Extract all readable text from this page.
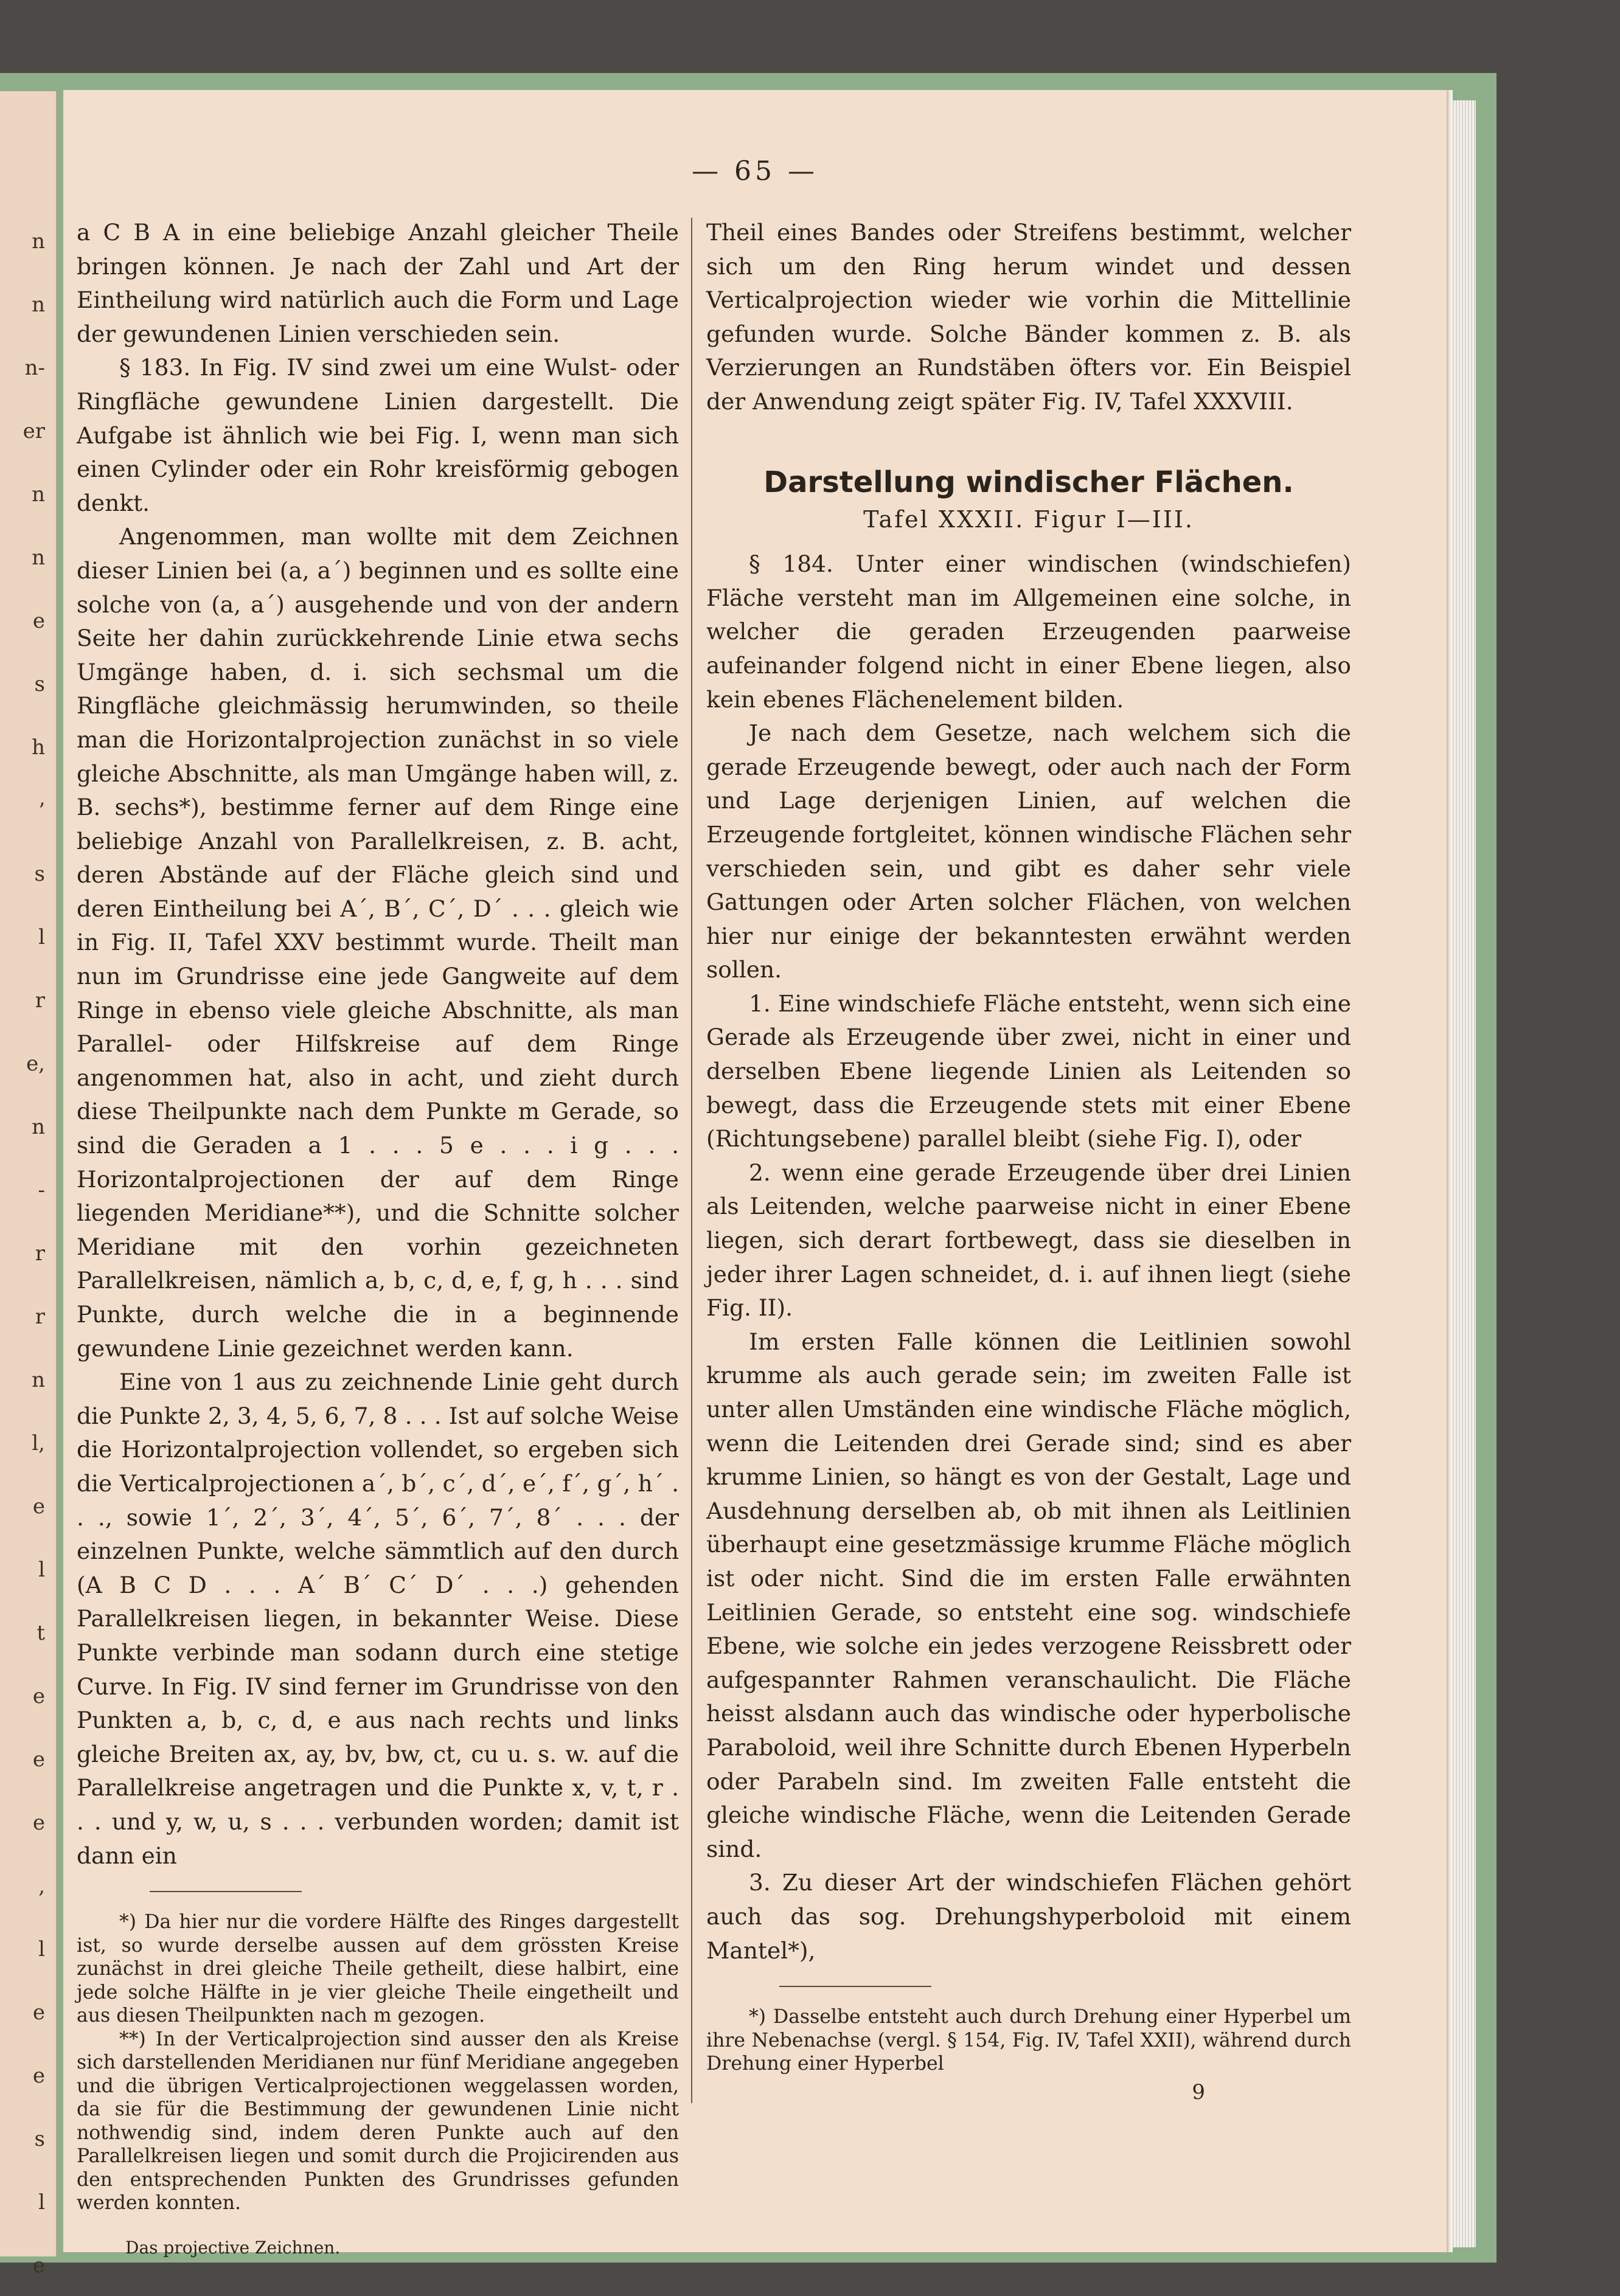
n
n
n-
er
n
n
e
s
h
’
s
l
r
e,
n
-
r
r
n
l,
e
l
t
e
e
e
,
l
e
e
s
l
e
— 65 —

a C B A in eine beliebige Anzahl gleicher Theile bringen können. Je nach der Zahl und Art der Eintheilung wird natürlich auch die Form und Lage der gewundenen Linien verschieden sein.

§ 183. In Fig. IV sind zwei um eine Wulst- oder Ringfläche gewundene Linien dargestellt. Die Aufgabe ist ähnlich wie bei Fig. I, wenn man sich einen Cylinder oder ein Rohr kreisförmig gebogen denkt.

Angenommen, man wollte mit dem Zeichnen dieser Linien bei (a, a´) beginnen und es sollte eine solche von (a, a´) ausgehende und von der andern Seite her dahin zurückkehrende Linie etwa sechs Umgänge haben, d. i. sich sechsmal um die Ringfläche gleichmässig herumwinden, so theile man die Horizontalprojection zunächst in so viele gleiche Abschnitte, als man Umgänge haben will, z. B. sechs*), bestimme ferner auf dem Ringe eine beliebige Anzahl von Parallelkreisen, z. B. acht, deren Abstände auf der Fläche gleich sind und deren Eintheilung bei A´, B´, C´, D´ . . . gleich wie in Fig. II, Tafel XXV bestimmt wurde. Theilt man nun im Grundrisse eine jede Gangweite auf dem Ringe in ebenso viele gleiche Abschnitte, als man Parallel- oder Hilfskreise auf dem Ringe angenommen hat, also in acht, und zieht durch diese Theilpunkte nach dem Punkte m Gerade, so sind die Geraden a 1 . . . 5 e . . . i g . . . Horizontalprojectionen der auf dem Ringe liegenden Meridiane**), und die Schnitte solcher Meridiane mit den vorhin gezeichneten Parallelkreisen, nämlich a, b, c, d, e, f, g, h . . . sind Punkte, durch welche die in a beginnende gewundene Linie gezeichnet werden kann.

Eine von 1 aus zu zeichnende Linie geht durch die Punkte 2, 3, 4, 5, 6, 7, 8 . . . Ist auf solche Weise die Horizontalprojection vollendet, so ergeben sich die Verticalprojectionen a´, b´, c´, d´, e´, f´, g´, h´ . . ., sowie 1´, 2´, 3´, 4´, 5´, 6´, 7´, 8´ . . . der einzelnen Punkte, welche sämmtlich auf den durch (A B C D . . . A´ B´ C´ D´ . . .) gehenden Parallelkreisen liegen, in bekannter Weise. Diese Punkte verbinde man sodann durch eine stetige Curve. In Fig. IV sind ferner im Grundrisse von den Punkten a, b, c, d, e aus nach rechts und links gleiche Breiten ax, ay, bv, bw, ct, cu u. s. w. auf die Parallelkreise angetragen und die Punkte x, v, t, r . . . und y, w, u, s . . . verbunden worden; damit ist dann ein

*) Da hier nur die vordere Hälfte des Ringes dargestellt ist, so wurde derselbe aussen auf dem grössten Kreise zunächst in drei gleiche Theile getheilt, diese halbirt, eine jede solche Hälfte in je vier gleiche Theile eingetheilt und aus diesen Theilpunkten nach m gezogen.

**) In der Verticalprojection sind ausser den als Kreise sich darstellenden Meridianen nur fünf Meridiane angegeben und die übrigen Verticalprojectionen weggelassen worden, da sie für die Bestimmung der gewundenen Linie nicht nothwendig sind, indem deren Punkte auch auf den Parallelkreisen liegen und somit durch die Projicirenden aus den entsprechenden Punkten des Grundrisses gefunden werden konnten.

Das projective Zeichnen.

Theil eines Bandes oder Streifens bestimmt, welcher sich um den Ring herum windet und dessen Verticalprojection wieder wie vorhin die Mittellinie gefunden wurde. Solche Bänder kommen z. B. als Verzierungen an Rundstäben öfters vor. Ein Beispiel der Anwendung zeigt später Fig. IV, Tafel XXXVIII.

Darstellung windischer Flächen.
Tafel XXXII. Figur I—III.

§ 184. Unter einer windischen (windschiefen) Fläche versteht man im Allgemeinen eine solche, in welcher die geraden Erzeugenden paarweise aufeinander folgend nicht in einer Ebene liegen, also kein ebenes Flächenelement bilden.

Je nach dem Gesetze, nach welchem sich die gerade Erzeugende bewegt, oder auch nach der Form und Lage derjenigen Linien, auf welchen die Erzeugende fortgleitet, können windische Flächen sehr verschieden sein, und gibt es daher sehr viele Gattungen oder Arten solcher Flächen, von welchen hier nur einige der bekanntesten erwähnt werden sollen.

1. Eine windschiefe Fläche entsteht, wenn sich eine Gerade als Erzeugende über zwei, nicht in einer und derselben Ebene liegende Linien als Leitenden so bewegt, dass die Erzeugende stets mit einer Ebene (Richtungsebene) parallel bleibt (siehe Fig. I), oder

2. wenn eine gerade Erzeugende über drei Linien als Leitenden, welche paarweise nicht in einer Ebene liegen, sich derart fortbewegt, dass sie dieselben in jeder ihrer Lagen schneidet, d. i. auf ihnen liegt (siehe Fig. II).

Im ersten Falle können die Leitlinien sowohl krumme als auch gerade sein; im zweiten Falle ist unter allen Umständen eine windische Fläche möglich, wenn die Leitenden drei Gerade sind; sind es aber krumme Linien, so hängt es von der Gestalt, Lage und Ausdehnung derselben ab, ob mit ihnen als Leitlinien überhaupt eine gesetzmässige krumme Fläche möglich ist oder nicht. Sind die im ersten Falle erwähnten Leitlinien Gerade, so entsteht eine sog. windschiefe Ebene, wie solche ein jedes verzogene Reissbrett oder aufgespannter Rahmen veranschaulicht. Die Fläche heisst alsdann auch das windische oder hyperbolische Paraboloid, weil ihre Schnitte durch Ebenen Hyperbeln oder Parabeln sind. Im zweiten Falle entsteht die gleiche windische Fläche, wenn die Leitenden Gerade sind.

3. Zu dieser Art der windschiefen Flächen gehört auch das sog. Drehungshyperboloid mit einem Mantel*),

*) Dasselbe entsteht auch durch Drehung einer Hyperbel um ihre Nebenachse (vergl. § 154, Fig. IV, Tafel XXII), während durch Drehung einer Hyperbel

9
